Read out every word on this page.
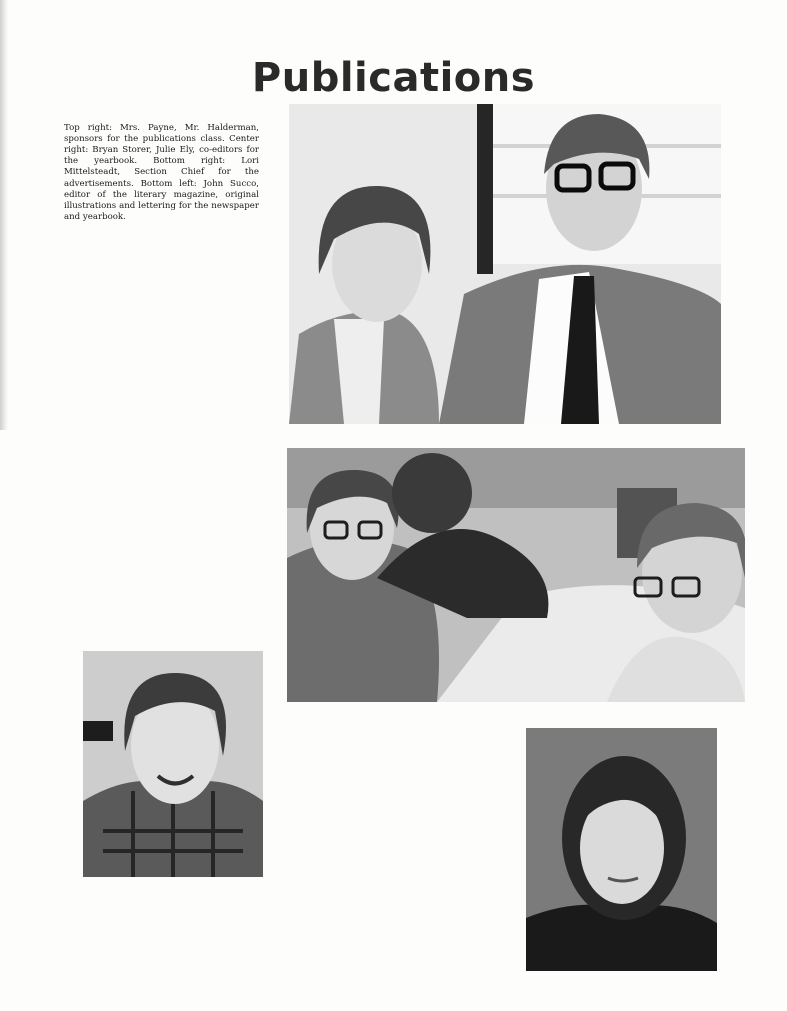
Publications

Top right: Mrs. Payne, Mr. Halderman, sponsors for the publications class. Center right: Bryan Storer, Julie Ely, co-editors for the yearbook. Bottom right: Lori Mittelsteadt, Section Chief for the advertisements. Bottom left: John Succo, editor of the literary magazine, original illustrations and lettering for the newspaper and yearbook.
